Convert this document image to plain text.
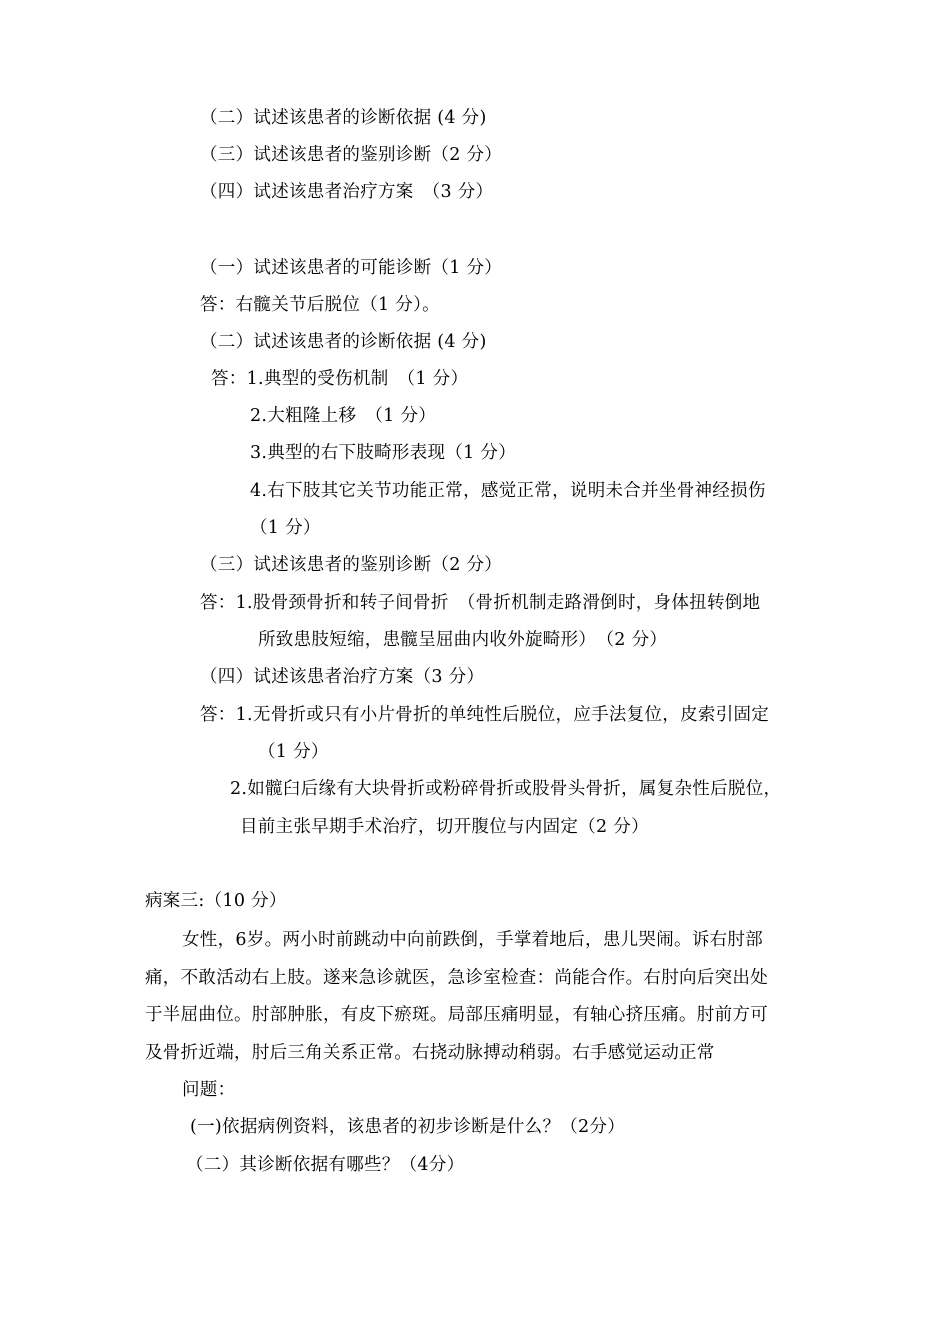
（二）试述该患者的诊断依据 (4 分)
（三）试述该患者的鉴别诊断（2 分）
（四）试述该患者治疗方案　（3 分）
（一）试述该患者的可能诊断（1 分）
答：右髋关节后脱位（1 分）。
（二）试述该患者的诊断依据 (4 分)
答：1.典型的受伤机制　（1 分）
2.大粗隆上移　（1 分）
3.典型的右下肢畸形表现（1 分）
4.右下肢其它关节功能正常，感觉正常，说明未合并坐骨神经损伤
（1 分）
（三）试述该患者的鉴别诊断（2 分）
答：1.股骨颈骨折和转子间骨折　（骨折机制走路滑倒时，身体扭转倒地
所致患肢短缩，患髋呈屈曲内收外旋畸形）　（2 分）
（四）试述该患者治疗方案（3 分）
答：1.无骨折或只有小片骨折的单纯性后脱位，应手法复位，皮索引固定
（1 分）
2.如髋臼后缘有大块骨折或粉碎骨折或股骨头骨折，属复杂性后脱位，
目前主张早期手术治疗，切开腹位与内固定（2 分）
病案三:（10 分）
女性，6岁。两小时前跳动中向前跌倒，手掌着地后，患儿哭闹。诉右肘部
痛，不敢活动右上肢。遂来急诊就医，急诊室检查：尚能合作。右肘向后突出处
于半屈曲位。肘部肿胀，有皮下瘀斑。局部压痛明显，有轴心挤压痛。肘前方可
及骨折近端，肘后三角关系正常。右挠动脉搏动稍弱。右手感觉运动正常
问题：
(一)依据病例资料，该患者的初步诊断是什么？（2分）
（二）其诊断依据有哪些？（4分）
